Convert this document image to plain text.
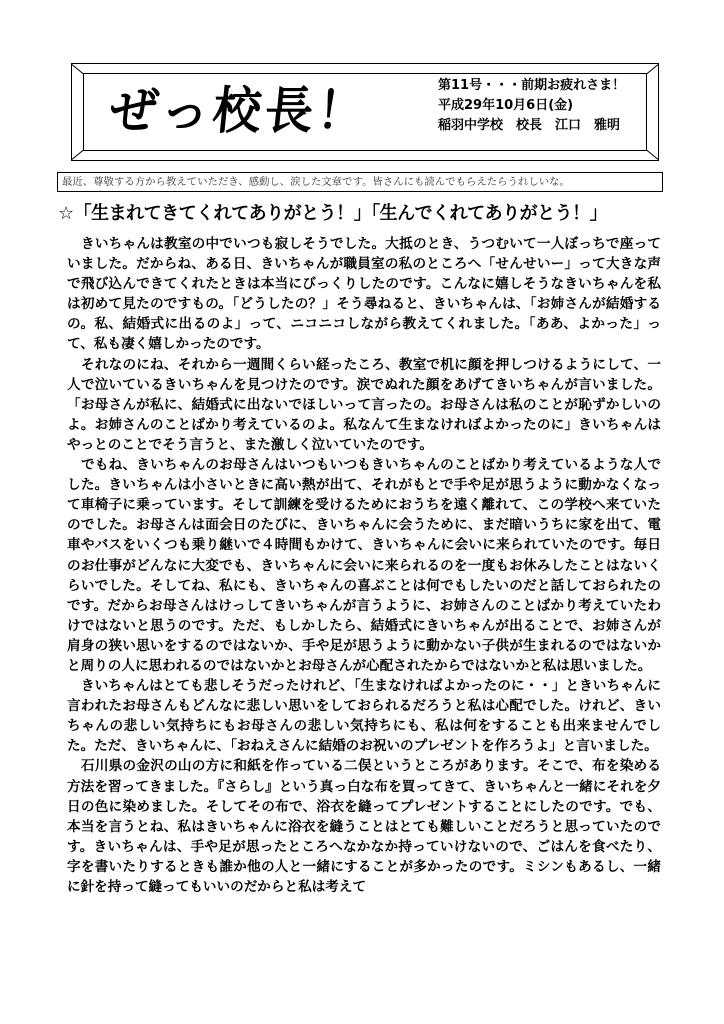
ぜっ校長！	第11号・・・前期お疲れさま！
平成29年10月6日(金)
稲羽中学校　校長　江口　雅明
最近、尊敬する方から教えていただき、感動し、涙した文章です。皆さんにも読んでもらえたらうれしいな。
☆「生まれてきてくれてありがとう！」「生んでくれてありがとう！」

きいちゃんは教室の中でいつも寂しそうでした。大抵のとき、うつむいて一人ぼっちで座っていました。だからね、ある日、きいちゃんが職員室の私のところへ「せんせいー」って大きな声で飛び込んできてくれたときは本当にびっくりしたのです。こんなに嬉しそうなきいちゃんを私は初めて見たのですもの。「どうしたの？」そう尋ねると、きいちゃんは、「お姉さんが結婚するの。私、結婚式に出るのよ」って、ニコニコしながら教えてくれました。「ああ、よかった」って、私も凄く嬉しかったのです。

それなのにね、それから一週間くらい経ったころ、教室で机に顔を押しつけるようにして、一人で泣いているきいちゃんを見つけたのです。涙でぬれた顔をあげてきいちゃんが言いました。「お母さんが私に、結婚式に出ないでほしいって言ったの。お母さんは私のことが恥ずかしいのよ。お姉さんのことばかり考えているのよ。私なんて生まなければよかったのに」きいちゃんはやっとのことでそう言うと、また激しく泣いていたのです。

でもね、きいちゃんのお母さんはいつもいつもきいちゃんのことばかり考えているような人でした。きいちゃんは小さいときに高い熱が出て、それがもとで手や足が思うように動かなくなって車椅子に乗っています。そして訓練を受けるためにおうちを遠く離れて、この学校へ来ていたのでした。お母さんは面会日のたびに、きいちゃんに会うために、まだ暗いうちに家を出て、電車やバスをいくつも乗り継いで４時間もかけて、きいちゃんに会いに来られていたのです。毎日のお仕事がどんなに大変でも、きいちゃんに会いに来られるのを一度もお休みしたことはないくらいでした。そしてね、私にも、きいちゃんの喜ぶことは何でもしたいのだと話しておられたのです。だからお母さんはけっしてきいちゃんが言うように、お姉さんのことばかり考えていたわけではないと思うのです。ただ、もしかしたら、結婚式にきいちゃんが出ることで、お姉さんが肩身の狭い思いをするのではないか、手や足が思うように動かない子供が生まれるのではないかと周りの人に思われるのではないかとお母さんが心配されたからではないかと私は思いました。

きいちゃんはとても悲しそうだったけれど、「生まなければよかったのに・・」ときいちゃんに言われたお母さんもどんなに悲しい思いをしておられるだろうと私は心配でした。けれど、きいちゃんの悲しい気持ちにもお母さんの悲しい気持ちにも、私は何をすることも出来ませんでした。ただ、きいちゃんに、「おねえさんに結婚のお祝いのプレゼントを作ろうよ」と言いました。

石川県の金沢の山の方に和紙を作っている二俣というところがあります。そこで、布を染める方法を習ってきました。『さらし』という真っ白な布を買ってきて、きいちゃんと一緒にそれを夕日の色に染めました。そしてその布で、浴衣を縫ってプレゼントすることにしたのです。でも、本当を言うとね、私はきいちゃんに浴衣を縫うことはとても難しいことだろうと思っていたのです。きいちゃんは、手や足が思ったところへなかなか持っていけないので、ごはんを食べたり、字を書いたりするときも誰か他の人と一緒にすることが多かったのです。ミシンもあるし、一緒に針を持って縫ってもいいのだからと私は考えて
